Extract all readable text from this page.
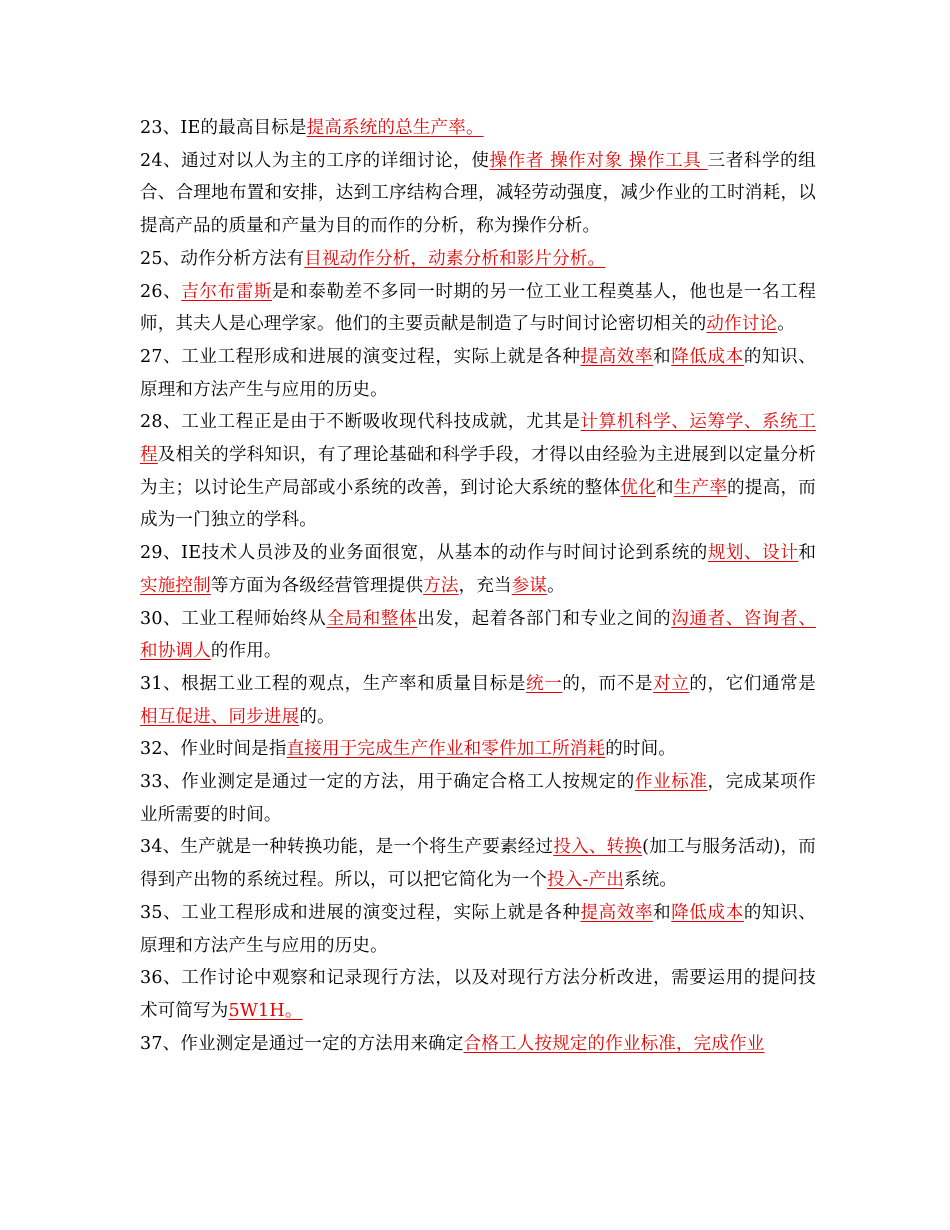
23、IE的最高目标是提高系统的总生产率。

24、通过对以人为主的工序的详细讨论，使操作者 操作对象 操作工具 三者科学的组合、合理地布置和安排，达到工序结构合理，减轻劳动强度，减少作业的工时消耗，以提高产品的质量和产量为目的而作的分析，称为操作分析。

25、动作分析方法有目视动作分析，动素分析和影片分析。

26、吉尔布雷斯是和泰勒差不多同一时期的另一位工业工程奠基人，他也是一名工程师，其夫人是心理学家。他们的主要贡献是制造了与时间讨论密切相关的动作讨论。

27、工业工程形成和进展的演变过程，实际上就是各种提高效率和降低成本的知识、原理和方法产生与应用的历史。

28、工业工程正是由于不断吸收现代科技成就，尤其是计算机科学、运筹学、系统工程及相关的学科知识，有了理论基础和科学手段，才得以由经验为主进展到以定量分析为主；以讨论生产局部或小系统的改善，到讨论大系统的整体优化和生产率的提高，而成为一门独立的学科。

29、IE技术人员涉及的业务面很宽，从基本的动作与时间讨论到系统的规划、设计和实施控制等方面为各级经营管理提供方法，充当参谋。

30、工业工程师始终从全局和整体出发，起着各部门和专业之间的沟通者、咨询者、和协调人的作用。

31、根据工业工程的观点，生产率和质量目标是统一的，而不是对立的，它们通常是相互促进、同步进展的。

32、作业时间是指直接用于完成生产作业和零件加工所消耗的时间。

33、作业测定是通过一定的方法，用于确定合格工人按规定的作业标准，完成某项作业所需要的时间。

34、生产就是一种转换功能，是一个将生产要素经过投入、转换(加工与服务活动)，而得到产出物的系统过程。所以，可以把它简化为一个投入-产出系统。

35、工业工程形成和进展的演变过程，实际上就是各种提高效率和降低成本的知识、原理和方法产生与应用的历史。

36、工作讨论中观察和记录现行方法，以及对现行方法分析改进，需要运用的提问技术可简写为5W1H。

37、作业测定是通过一定的方法用来确定合格工人按规定的作业标准，完成作业
